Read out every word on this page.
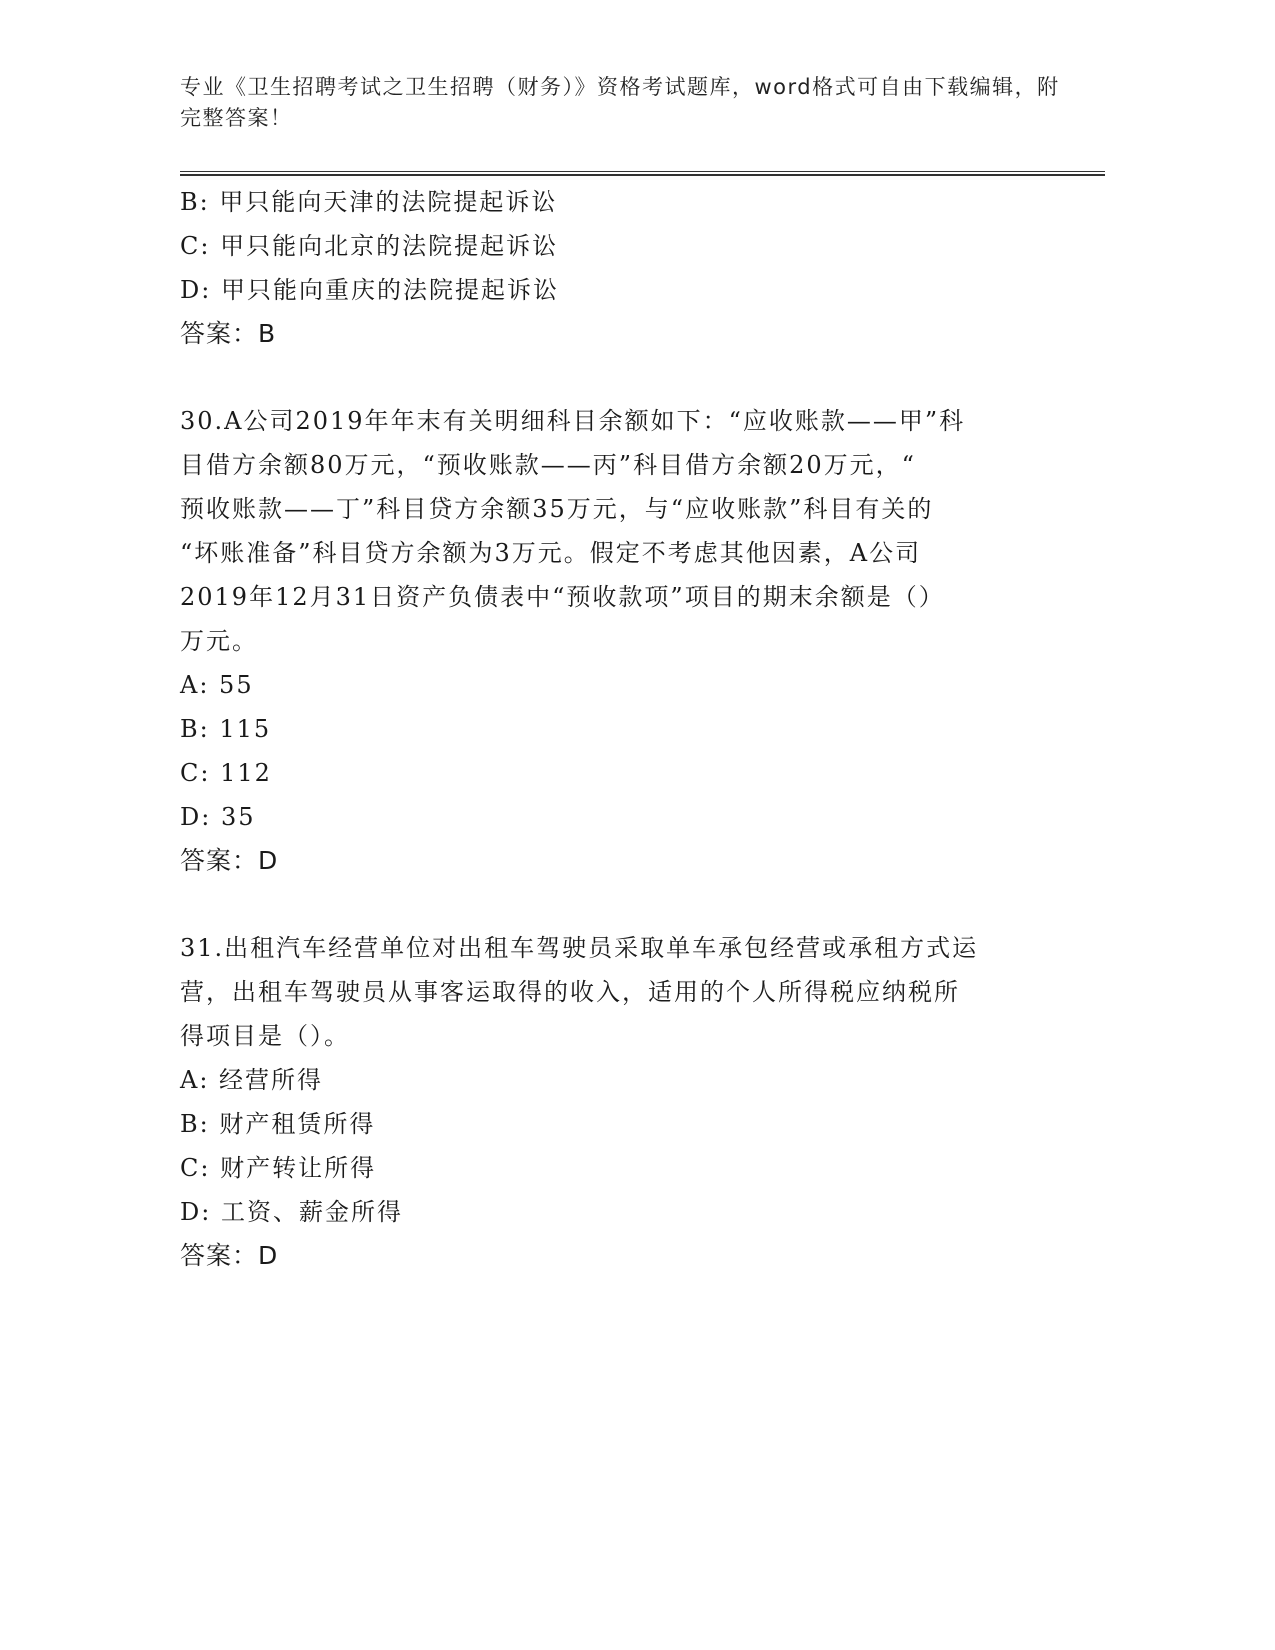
专业《卫生招聘考试之卫生招聘（财务）》资格考试题库，word格式可自由下载编辑，附完整答案！
B: 甲只能向天津的法院提起诉讼
C: 甲只能向北京的法院提起诉讼
D: 甲只能向重庆的法院提起诉讼
答案：B
30.A公司2019年年末有关明细科目余额如下：“应收账款——甲”科
目借方余额80万元，“预收账款——丙”科目借方余额20万元，“
预收账款——丁”科目贷方余额35万元，与“应收账款”科目有关的
“坏账准备”科目贷方余额为3万元。假定不考虑其他因素，A公司
2019年12月31日资产负债表中“预收款项”项目的期末余额是（）
万元。
A: 55
B: 115
C: 112
D: 35
答案：D
31.出租汽车经营单位对出租车驾驶员采取单车承包经营或承租方式运
营，出租车驾驶员从事客运取得的收入，适用的个人所得税应纳税所
得项目是（）。
A: 经营所得
B: 财产租赁所得
C: 财产转让所得
D: 工资、薪金所得
答案：D
